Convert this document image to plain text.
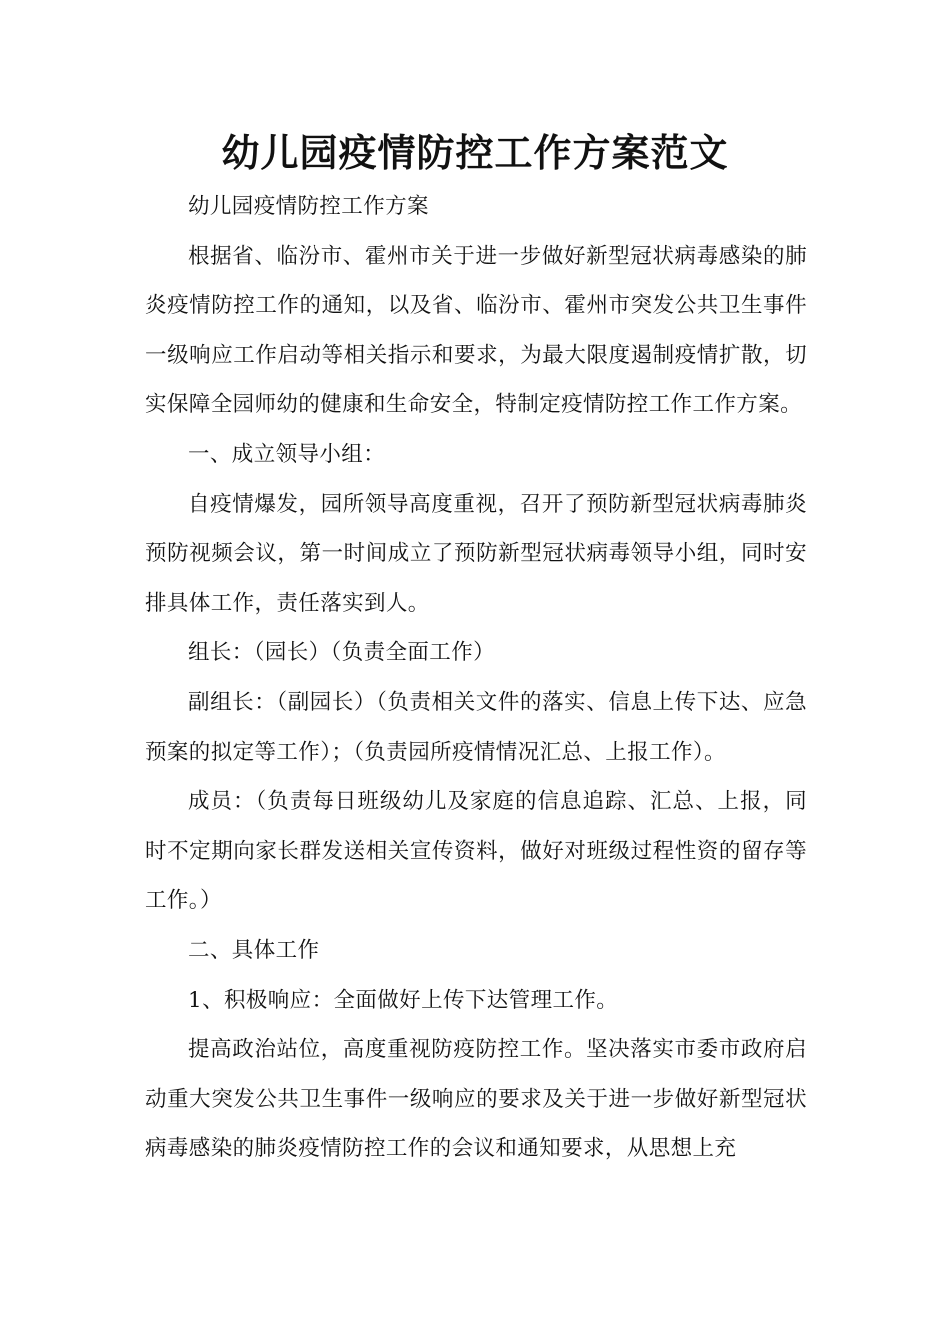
幼儿园疫情防控工作方案范文

幼儿园疫情防控工作方案

根据省、临汾市、霍州市关于进一步做好新型冠状病毒感染的肺炎疫情防控工作的通知，以及省、临汾市、霍州市突发公共卫生事件一级响应工作启动等相关指示和要求，为最大限度遏制疫情扩散，切实保障全园师幼的健康和生命安全，特制定疫情防控工作工作方案。

一、成立领导小组：

自疫情爆发，园所领导高度重视，召开了预防新型冠状病毒肺炎预防视频会议，第一时间成立了预防新型冠状病毒领导小组，同时安排具体工作，责任落实到人。

组长：（园长）（负责全面工作）

副组长：（副园长）（负责相关文件的落实、信息上传下达、应急预案的拟定等工作）；（负责园所疫情情况汇总、上报工作）。

成员：（负责每日班级幼儿及家庭的信息追踪、汇总、上报，同时不定期向家长群发送相关宣传资料，做好对班级过程性资的留存等工作。）

二、具体工作

1、积极响应：全面做好上传下达管理工作。

提高政治站位，高度重视防疫防控工作。坚决落实市委市政府启动重大突发公共卫生事件一级响应的要求及关于进一步做好新型冠状病毒感染的肺炎疫情防控工作的会议和通知要求，从思想上充
